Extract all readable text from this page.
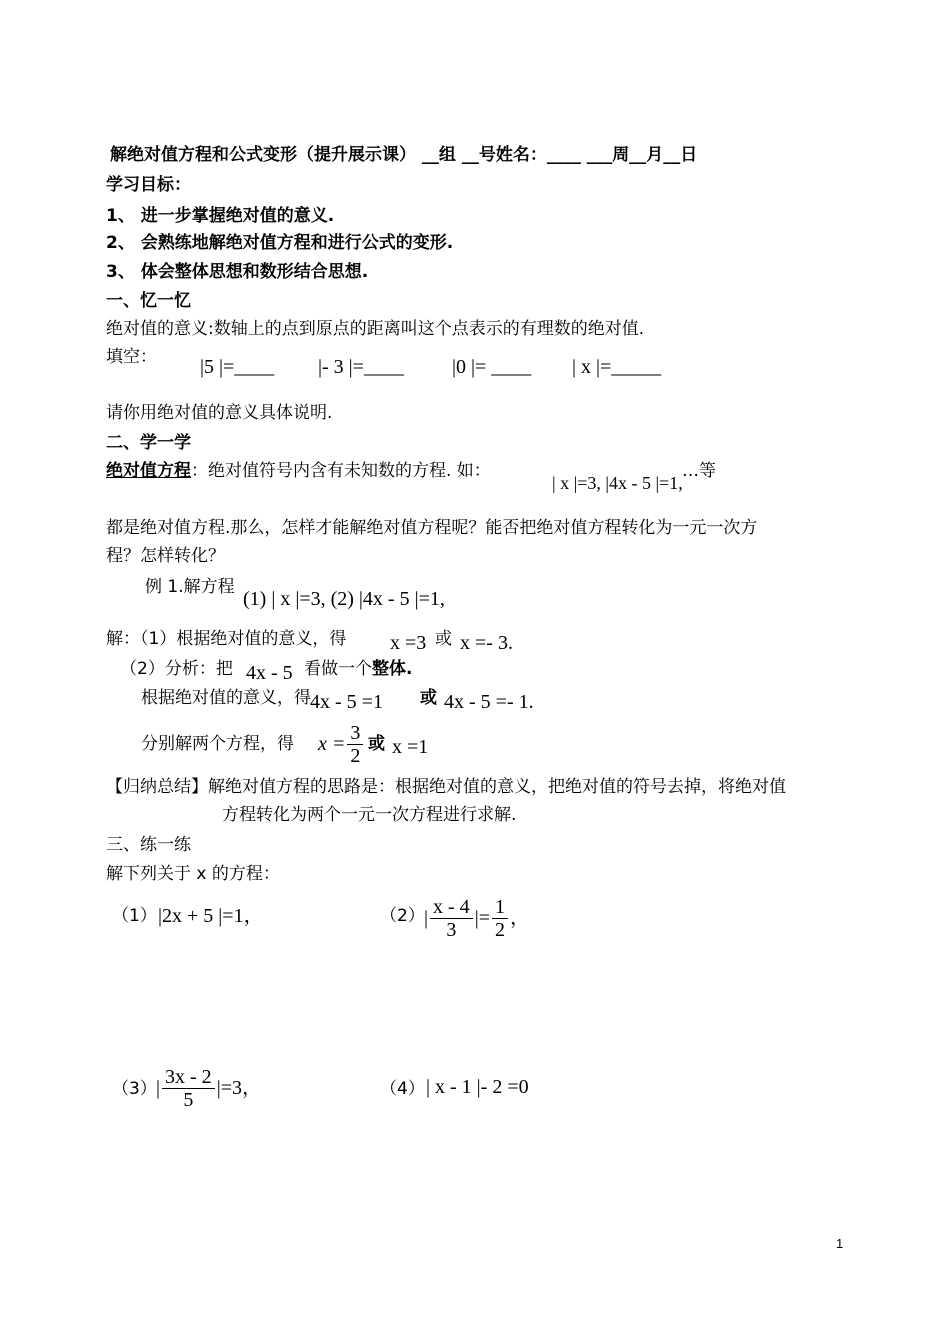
解绝对值方程和公式变形（提升展示课） __组 __号姓名：____ ___周__月__日
学习目标：
1、 进一步掌握绝对值的意义.
2、 会熟练地解绝对值方程和进行公式的变形.
3、 体会整体思想和数形结合思想.
一、忆一忆
绝对值的意义:数轴上的点到原点的距离叫这个点表示的有理数的绝对值.
填空： |5 |=____ |- 3 |=____ |0 |= ____ | x |=_____
请你用绝对值的意义具体说明.
二、学一学
绝对值方程：绝对值符号内含有未知数的方程. 如：
| x |=3, |4x - 5 |=1,
…等
都是绝对值方程.那么，怎样才能解绝对值方程呢？能否把绝对值方程转化为一元一次方
程？怎样转化？
例 1.解方程
(1) | x |=3, (2) |4x - 5 |=1,
解：（1）根据绝对值的意义，得 x =3 或 x =- 3.
（2）分析：把 4x - 5 看做一个整体.
根据绝对值的意义，得 4x - 5 =1 或 4x - 5 =- 1.
分别解两个方程，得 $x = \frac{3}{2}$ 或 x =1
【归纳总结】解绝对值方程的思路是：根据绝对值的意义，把绝对值的符号去掉，将绝对值
方程转化为两个一元一次方程进行求解.
三、练一练
解下列关于 x 的方程：
（1） |2x + 5 |=1，	（2） | $\frac{x - 4}{3}$ |= $\frac{1}{2}$ ，
（3） | $\frac{3x - 2}{5} |=3$，	（4） | x - 1 |- 2 =0
1
